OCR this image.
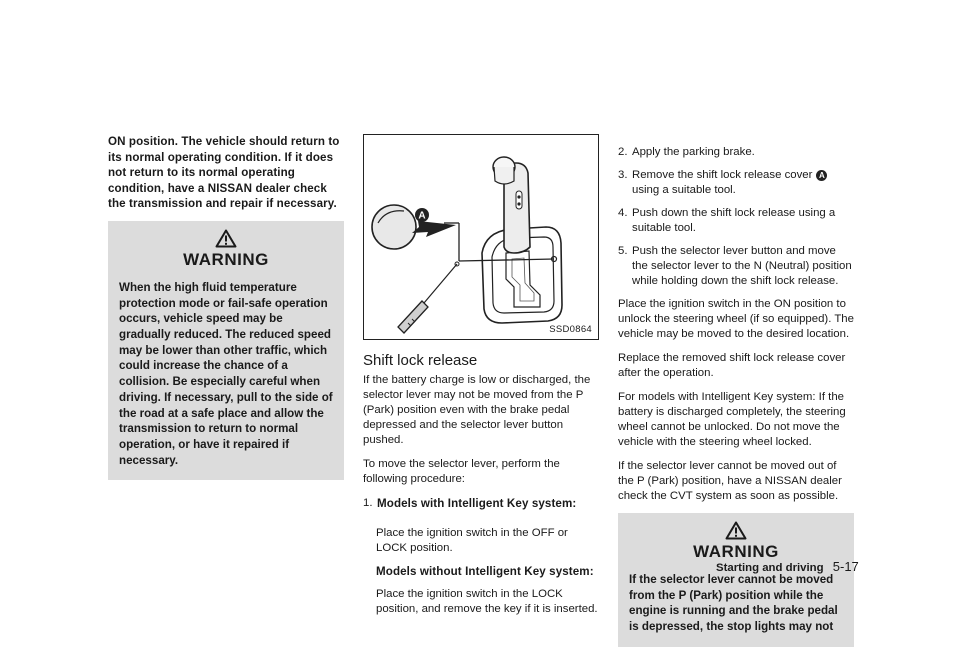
ON position. The vehicle should return to its normal operating condition. If it does not return to its normal operating condition, have a NISSAN dealer check the transmission and repair if necessary.

WARNING

When the high fluid temperature protection mode or fail-safe operation occurs, vehicle speed may be gradually reduced. The reduced speed may be lower than other traffic, which could increase the chance of a collision. Be especially careful when driving. If necessary, pull to the side of the road at a safe place and allow the transmission to return to normal operation, or have it repaired if necessary.

A
SSD0864
Shift lock release

If the battery charge is low or discharged, the selector lever may not be moved from the P (Park) position even with the brake pedal depressed and the selector lever button pushed.

To move the selector lever, perform the following procedure:

1. Models with Intelligent Key system:

Place the ignition switch in the OFF or LOCK position.

Models without Intelligent Key system:

Place the ignition switch in the LOCK position, and remove the key if it is inserted.

2. Apply the parking brake.
3. Remove the shift lock release cover A
using a suitable tool.
4. Push down the shift lock release using a suitable tool.
5. Push the selector lever button and move the selector lever to the N (Neutral) position while holding down the shift lock release.

Place the ignition switch in the ON position to unlock the steering wheel (if so equipped). The vehicle may be moved to the desired location.

Replace the removed shift lock release cover after the operation.

For models with Intelligent Key system: If the battery is discharged completely, the steering wheel cannot be unlocked. Do not move the vehicle with the steering wheel locked.

If the selector lever cannot be moved out of the P (Park) position, have a NISSAN dealer check the CVT system as soon as possible.

WARNING

If the selector lever cannot be moved from the P (Park) position while the engine is running and the brake pedal is depressed, the stop lights may not

Starting and driving 5-17
